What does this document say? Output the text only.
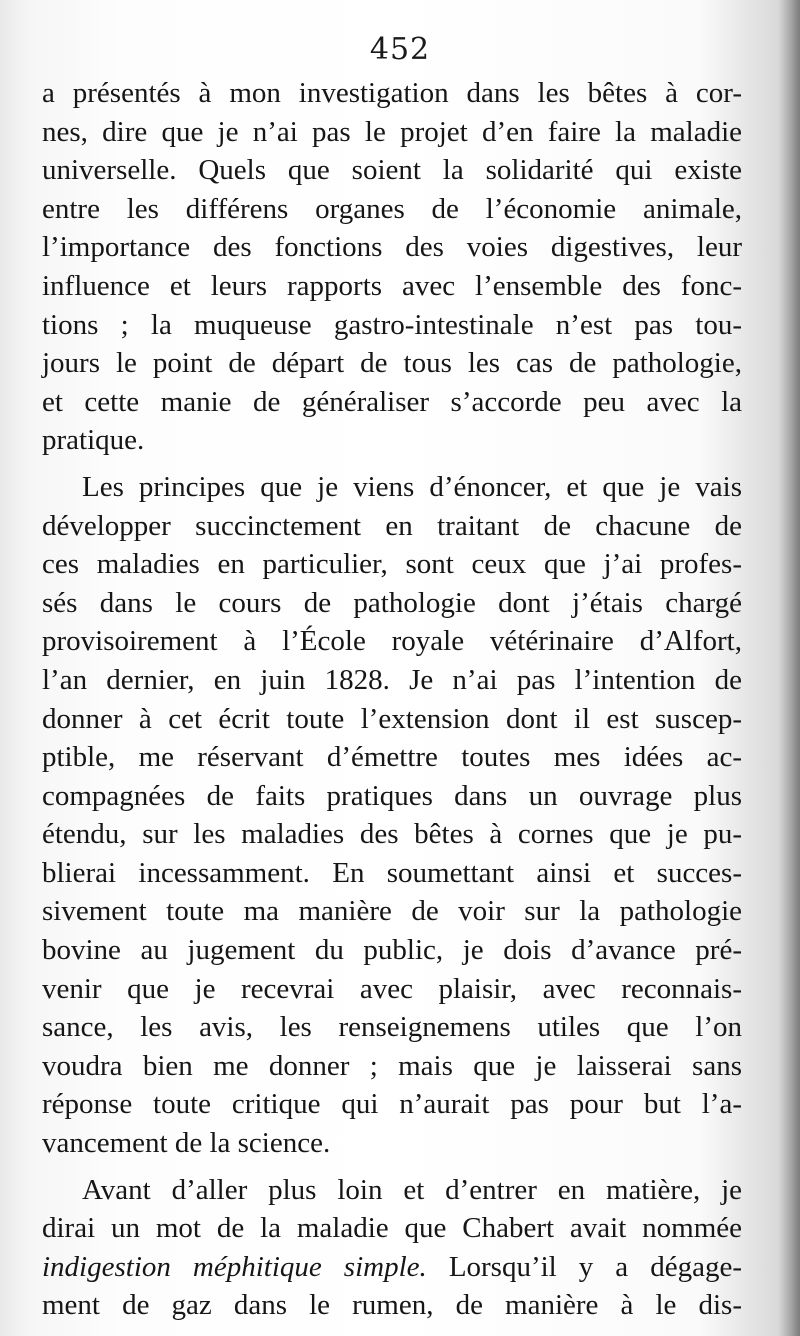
452
a présentés à mon investigation dans les bêtes à cor-
nes, dire que je n’ai pas le projet d’en faire la maladie
universelle. Quels que soient la solidarité qui existe
entre les différens organes de l’économie animale,
l’importance des fonctions des voies digestives, leur
influence et leurs rapports avec l’ensemble des fonc-
tions ; la muqueuse gastro-intestinale n’est pas tou-
jours le point de départ de tous les cas de pathologie,
et cette manie de généraliser s’accorde peu avec la
pratique.
Les principes que je viens d’énoncer, et que je vais
développer succinctement en traitant de chacune de
ces maladies en particulier, sont ceux que j’ai profes-
sés dans le cours de pathologie dont j’étais chargé
provisoirement à l’École royale vétérinaire d’Alfort,
l’an dernier, en juin 1828. Je n’ai pas l’intention de
donner à cet écrit toute l’extension dont il est suscep-
ptible, me réservant d’émettre toutes mes idées ac-
compagnées de faits pratiques dans un ouvrage plus
étendu, sur les maladies des bêtes à cornes que je pu-
blierai incessamment. En soumettant ainsi et succes-
sivement toute ma manière de voir sur la pathologie
bovine au jugement du public, je dois d’avance pré-
venir que je recevrai avec plaisir, avec reconnais-
sance, les avis, les renseignemens utiles que l’on
voudra bien me donner ; mais que je laisserai sans
réponse toute critique qui n’aurait pas pour but l’a-
vancement de la science.
Avant d’aller plus loin et d’entrer en matière, je
dirai un mot de la maladie que Chabert avait nommée
indigestion méphitique simple. Lorsqu’il y a dégage-
ment de gaz dans le rumen, de manière à le dis-
